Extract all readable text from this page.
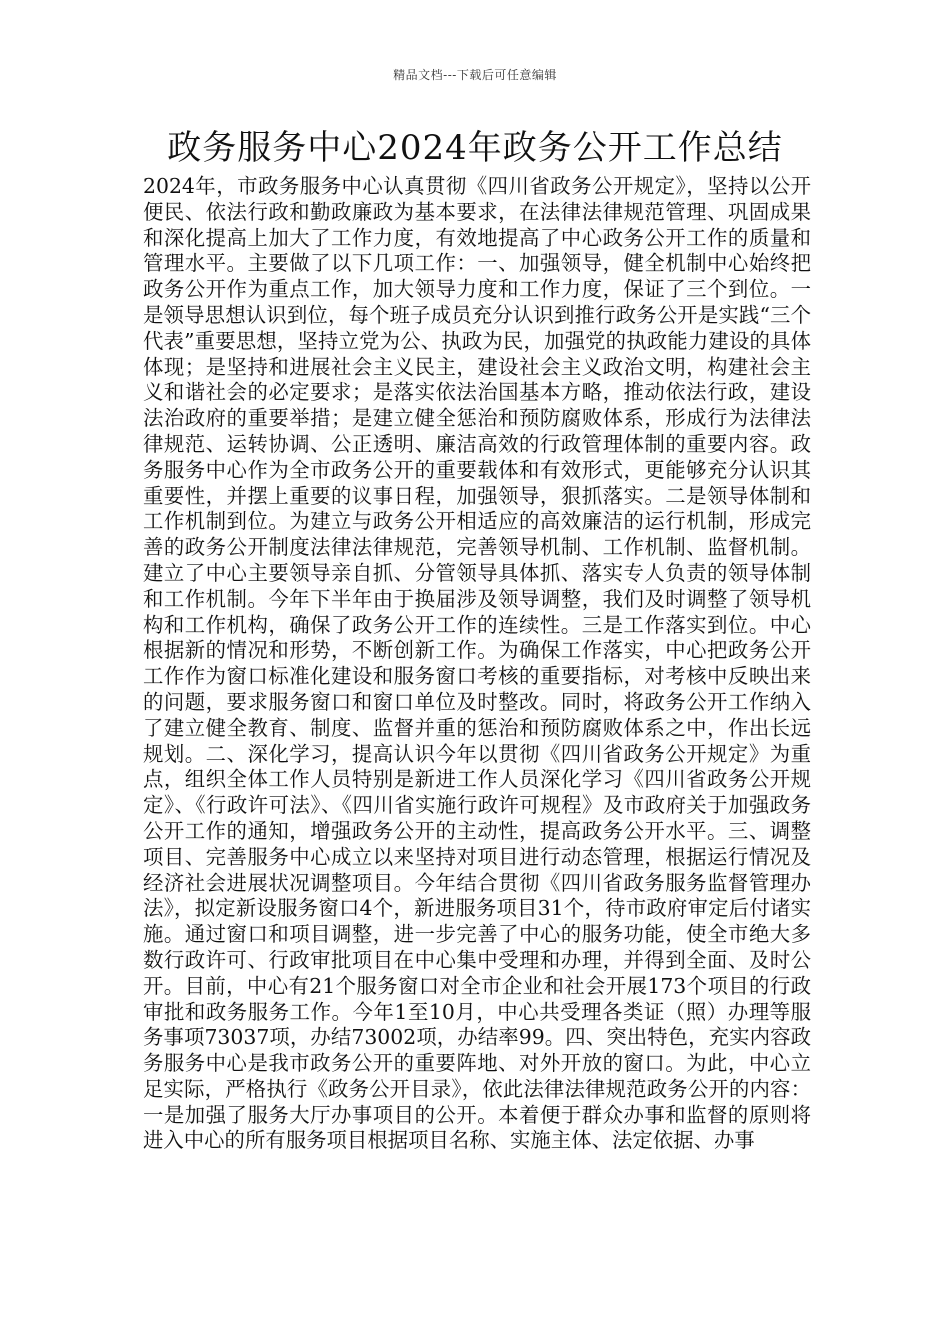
精品文档---下载后可任意编辑
政务服务中心2024年政务公开工作总结

2024年，市政务服务中心认真贯彻《四川省政务公开规定》，坚持以公开便民、依法行政和勤政廉政为基本要求，在法律法律规范管理、巩固成果和深化提高上加大了工作力度，有效地提高了中心政务公开工作的质量和管理水平。主要做了以下几项工作：一、加强领导，健全机制中心始终把政务公开作为重点工作，加大领导力度和工作力度，保证了三个到位。一是领导思想认识到位，每个班子成员充分认识到推行政务公开是实践“三个代表”重要思想，坚持立党为公、执政为民，加强党的执政能力建设的具体体现；是坚持和进展社会主义民主，建设社会主义政治文明，构建社会主义和谐社会的必定要求；是落实依法治国基本方略，推动依法行政，建设法治政府的重要举措；是建立健全惩治和预防腐败体系，形成行为法律法律规范、运转协调、公正透明、廉洁高效的行政管理体制的重要内容。政务服务中心作为全市政务公开的重要载体和有效形式，更能够充分认识其重要性，并摆上重要的议事日程，加强领导，狠抓落实。二是领导体制和工作机制到位。为建立与政务公开相适应的高效廉洁的运行机制，形成完善的政务公开制度法律法律规范，完善领导机制、工作机制、监督机制。建立了中心主要领导亲自抓、分管领导具体抓、落实专人负责的领导体制和工作机制。今年下半年由于换届涉及领导调整，我们及时调整了领导机构和工作机构，确保了政务公开工作的连续性。三是工作落实到位。中心根据新的情况和形势，不断创新工作。为确保工作落实，中心把政务公开工作作为窗口标准化建设和服务窗口考核的重要指标，对考核中反映出来的问题，要求服务窗口和窗口单位及时整改。同时，将政务公开工作纳入了建立健全教育、制度、监督并重的惩治和预防腐败体系之中，作出长远规划。二、深化学习，提高认识今年以贯彻《四川省政务公开规定》为重点，组织全体工作人员特别是新进工作人员深化学习《四川省政务公开规定》、《行政许可法》、《四川省实施行政许可规程》及市政府关于加强政务公开工作的通知，增强政务公开的主动性，提高政务公开水平。三、调整项目、完善服务中心成立以来坚持对项目进行动态管理，根据运行情况及经济社会进展状况调整项目。今年结合贯彻《四川省政务服务监督管理办法》，拟定新设服务窗口4个，新进服务项目31个，待市政府审定后付诸实施。通过窗口和项目调整，进一步完善了中心的服务功能，使全市绝大多数行政许可、行政审批项目在中心集中受理和办理，并得到全面、及时公开。目前，中心有21个服务窗口对全市企业和社会开展173个项目的行政审批和政务服务工作。今年1至10月，中心共受理各类证（照）办理等服务事项73037项，办结73002项，办结率99。四、突出特色，充实内容政务服务中心是我市政务公开的重要阵地、对外开放的窗口。为此，中心立足实际，严格执行《政务公开目录》，依此法律法律规范政务公开的内容：一是加强了服务大厅办事项目的公开。本着便于群众办事和监督的原则将进入中心的所有服务项目根据项目名称、实施主体、法定依据、办事
